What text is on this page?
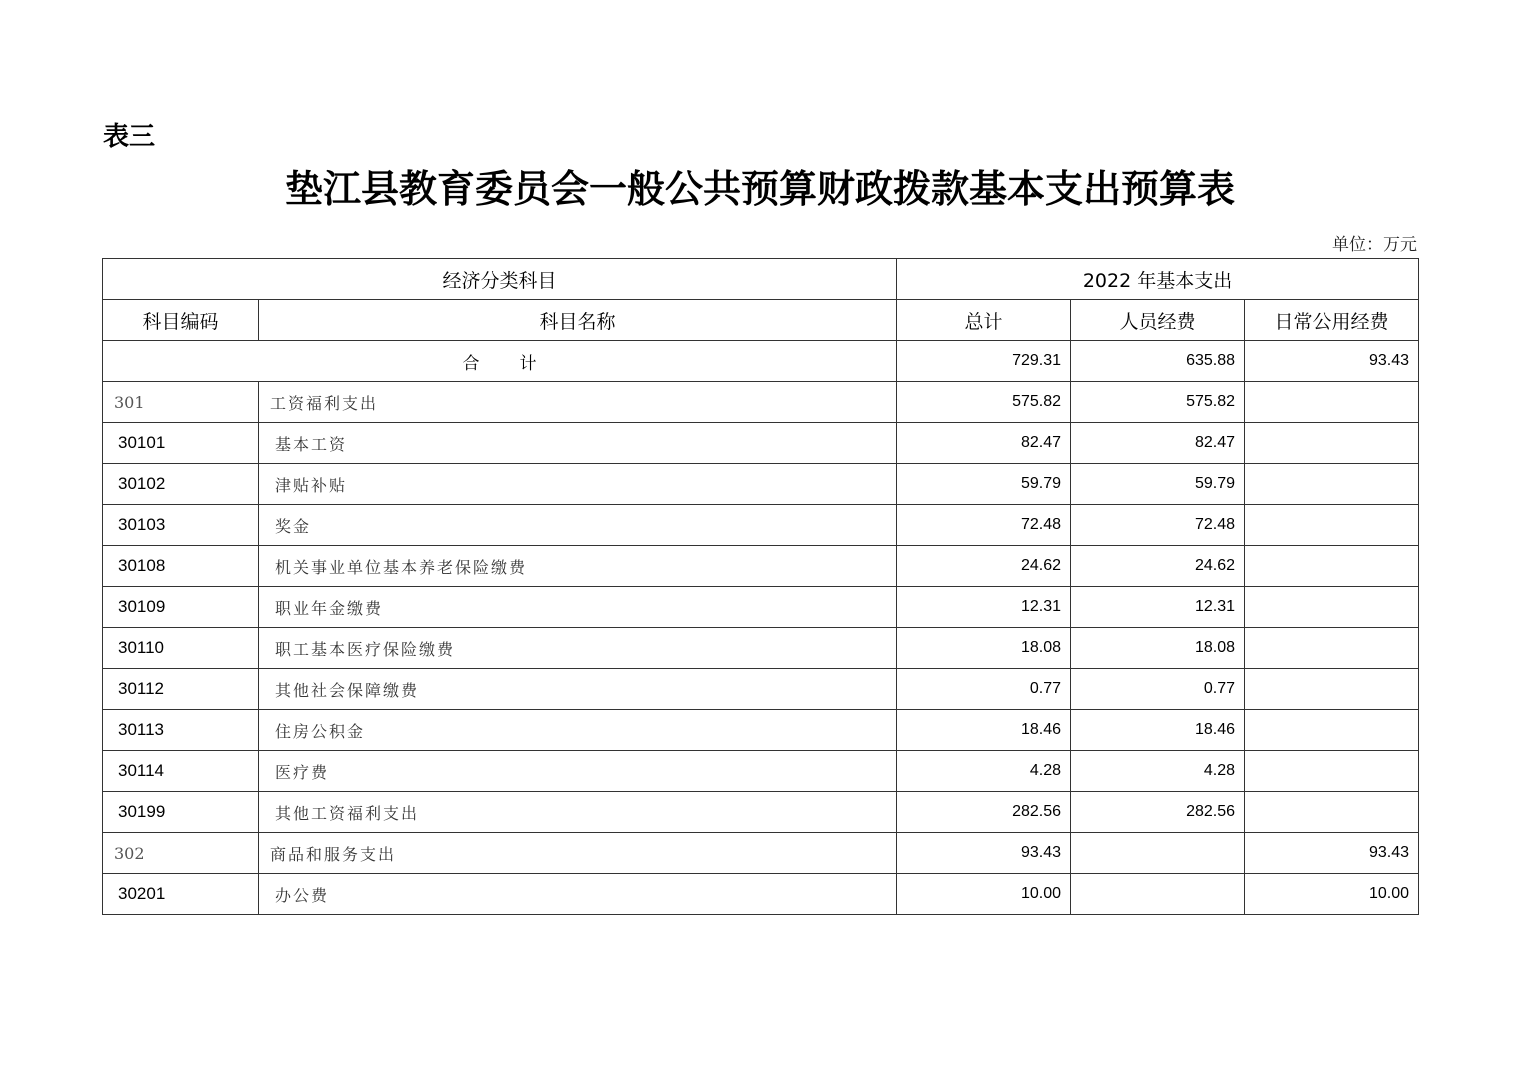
表三
垫江县教育委员会一般公共预算财政拨款基本支出预算表
单位：万元
经济分类科目		2022 年基本支出		
科目编码	科目名称	总计	人员经费	日常公用经费
合计		729.31	635.88	93.43
301	工资福利支出	575.82	575.82	
30101	基本工资	82.47	82.47	
30102	津贴补贴	59.79	59.79	
30103	奖金	72.48	72.48	
30108	机关事业单位基本养老保险缴费	24.62	24.62	
30109	职业年金缴费	12.31	12.31	
30110	职工基本医疗保险缴费	18.08	18.08	
30112	其他社会保障缴费	0.77	0.77	
30113	住房公积金	18.46	18.46	
30114	医疗费	4.28	4.28	
30199	其他工资福利支出	282.56	282.56	
302	商品和服务支出	93.43		93.43
30201	办公费	10.00		10.00
